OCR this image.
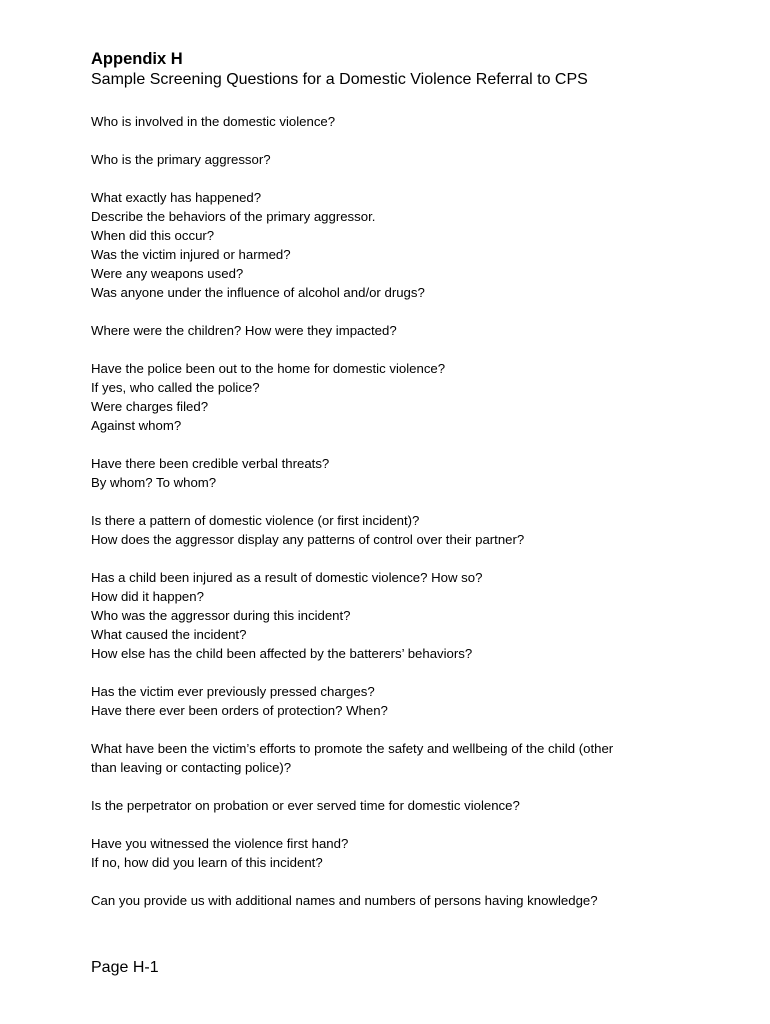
Appendix H
Sample Screening Questions for a Domestic Violence Referral to CPS
Who is involved in the domestic violence?
Who is the primary aggressor?
What exactly has happened?
Describe the behaviors of the primary aggressor.
When did this occur?
Was the victim injured or harmed?
Were any weapons used?
Was anyone under the influence of alcohol and/or drugs?
Where were the children? How were they impacted?
Have the police been out to the home for domestic violence?
If yes, who called the police?
Were charges filed?
Against whom?
Have there been credible verbal threats?
By whom? To whom?
Is there a pattern of domestic violence (or first incident)?
How does the aggressor display any patterns of control over their partner?
Has a child been injured as a result of domestic violence? How so?
How did it happen?
Who was the aggressor during this incident?
What caused the incident?
How else has the child been affected by the batterers’ behaviors?
Has the victim ever previously pressed charges?
Have there ever been orders of protection? When?
What have been the victim’s efforts to promote the safety and wellbeing of the child (other
than leaving or contacting police)?
Is the perpetrator on probation or ever served time for domestic violence?
Have you witnessed the violence first hand?
If no, how did you learn of this incident?
Can you provide us with additional names and numbers of persons having knowledge?
Page H-1
